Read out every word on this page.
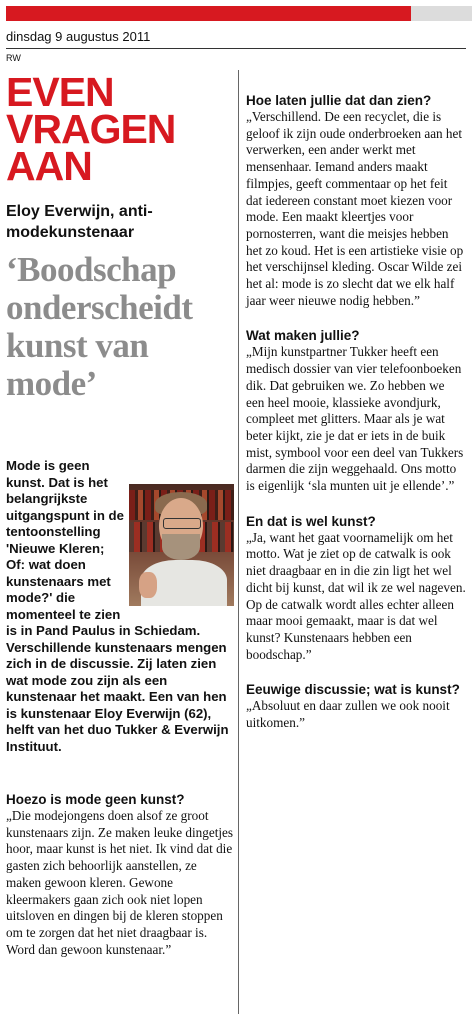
dinsdag 9 augustus 2011
RW
EVEN
VRAGEN
AAN
Eloy Everwijn, anti-modekunstenaar
‘Boodschap onderscheidt kunst van mode’

Mode is geen kunst. Dat is het belangrijkste uitgangspunt in de tentoonstelling 'Nieuwe Kleren; Of: wat doen kunstenaars met mode?' die momenteel te zien is in Pand Paulus in Schiedam. Verschillende kunstenaars mengen zich in de discussie. Zij laten zien wat mode zou zijn als een kunstenaar het maakt. Een van hen is kunstenaar Eloy Everwijn (62), helft van het duo Tukker & Everwijn Instituut.

Hoezo is mode geen kunst?

„Die modejongens doen alsof ze groot kunstenaars zijn. Ze maken leuke dingetjes hoor, maar kunst is het niet. Ik vind dat die gasten zich behoorlijk aanstellen, ze maken gewoon kleren. Gewone kleermakers gaan zich ook niet lopen uitsloven en dingen bij de kleren stoppen om te zorgen dat het niet draagbaar is. Word dan gewoon kunstenaar.”

Hoe laten jullie dat dan zien?

„Verschillend. De een recyclet, die is geloof ik zijn oude onderbroeken aan het verwerken, een ander werkt met mensenhaar. Iemand anders maakt filmpjes, geeft commentaar op het feit dat iedereen constant moet kiezen voor mode. Een maakt kleertjes voor pornosterren, want die meisjes hebben het zo koud. Het is een artistieke visie op het verschijnsel kleding. Oscar Wilde zei het al: mode is zo slecht dat we elk half jaar weer nieuwe nodig hebben.”

Wat maken jullie?

„Mijn kunstpartner Tukker heeft een medisch dossier van vier telefoonboeken dik. Dat gebruiken we. Zo hebben we een heel mooie, klassieke avondjurk, compleet met glitters. Maar als je wat beter kijkt, zie je dat er iets in de buik mist, symbool voor een deel van Tukkers darmen die zijn weggehaald. Ons motto is eigenlijk ‘sla munten uit je ellende’.”

En dat is wel kunst?

„Ja, want het gaat voornamelijk om het motto. Wat je ziet op de catwalk is ook niet draagbaar en in die zin ligt het wel dicht bij kunst, dat wil ik ze wel nageven. Op de catwalk wordt alles echter alleen maar mooi gemaakt, maar is dat wel kunst? Kunstenaars hebben een boodschap.”

Eeuwige discussie; wat is kunst?

„Absoluut en daar zullen we ook nooit uitkomen.”
